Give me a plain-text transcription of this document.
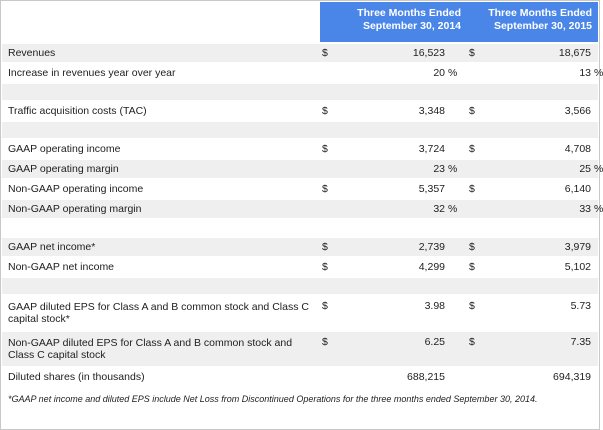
	Three Months Ended
September 30, 2014			Three Months Ended
September 30, 2015		

Revenues	$	16,523		$	18,675	
Increase in revenues year over year		20	%		13	%

Traffic acquisition costs (TAC)	$	3,348		$	3,566	

GAAP operating income	$	3,724		$	4,708	
GAAP operating margin		23	%		25	%
Non-GAAP operating income	$	5,357		$	6,140	
Non-GAAP operating margin		32	%		33	%

GAAP net income*	$	2,739		$	3,979	
Non-GAAP net income	$	4,299		$	5,102	

GAAP diluted EPS for Class A and B common stock and Class C capital stock*	$	3.98		$	5.73	
Non-GAAP diluted EPS for Class A and B common stock and Class C capital stock	$	6.25		$	7.35	
Diluted shares (in thousands)		688,215			694,319	
*GAAP net income and diluted EPS include Net Loss from Discontinued Operations for the three months ended September 30, 2014.						
